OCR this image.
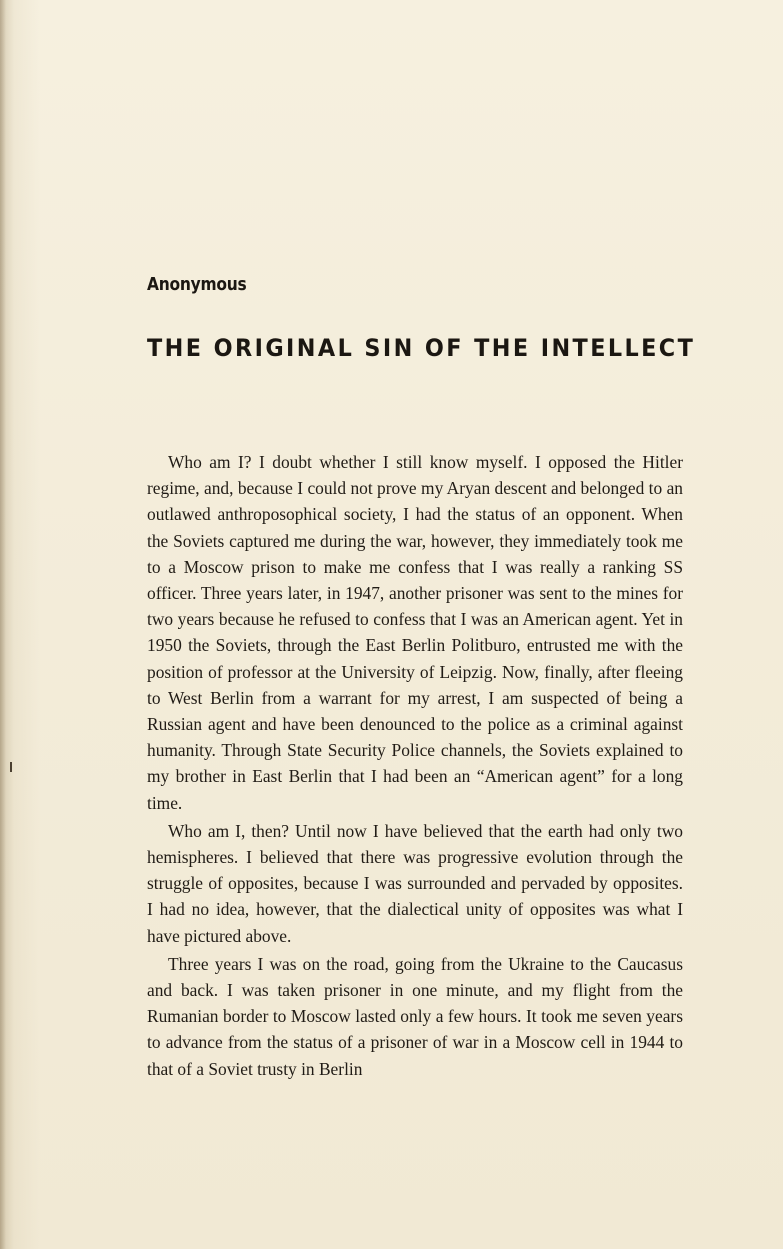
Anonymous
THE ORIGINAL SIN OF THE INTELLECT

Who am I? I doubt whether I still know myself. I opposed the Hitler regime, and, because I could not prove my Aryan descent and belonged to an outlawed anthroposophical society, I had the status of an opponent. When the Soviets captured me during the war, however, they immediately took me to a Moscow prison to make me confess that I was really a ranking SS officer. Three years later, in 1947, another prisoner was sent to the mines for two years because he refused to confess that I was an American agent. Yet in 1950 the Soviets, through the East Berlin Politburo, entrusted me with the position of professor at the University of Leipzig. Now, finally, after fleeing to West Berlin from a warrant for my arrest, I am suspected of being a Russian agent and have been denounced to the police as a criminal against humanity. Through State Security Police channels, the Soviets explained to my brother in East Berlin that I had been an “American agent” for a long time.

Who am I, then? Until now I have believed that the earth had only two hemispheres. I believed that there was progressive evolution through the struggle of opposites, because I was surrounded and pervaded by opposites. I had no idea, however, that the dialectical unity of opposites was what I have pictured above.

Three years I was on the road, going from the Ukraine to the Caucasus and back. I was taken prisoner in one minute, and my flight from the Rumanian border to Moscow lasted only a few hours. It took me seven years to advance from the status of a prisoner of war in a Moscow cell in 1944 to that of a Soviet trusty in Berlin
